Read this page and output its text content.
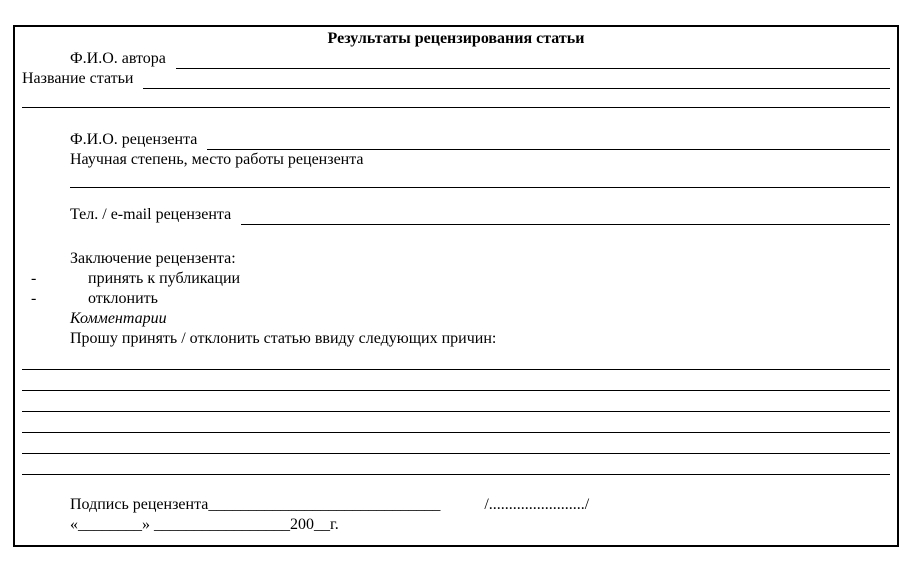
Результаты рецензирования статьи
Ф.И.О. автора
Название статьи
Ф.И.О. рецензента
Научная степень, место работы рецензента
Тел. / e-mail рецензента
Заключение рецензента:
-	принять к публикации
-	отклонить
Комментарии
Прошу принять / отклонить статью ввиду следующих причин:
Подпись рецензента _____________________________	/......................../
«________» _________________200__г.
